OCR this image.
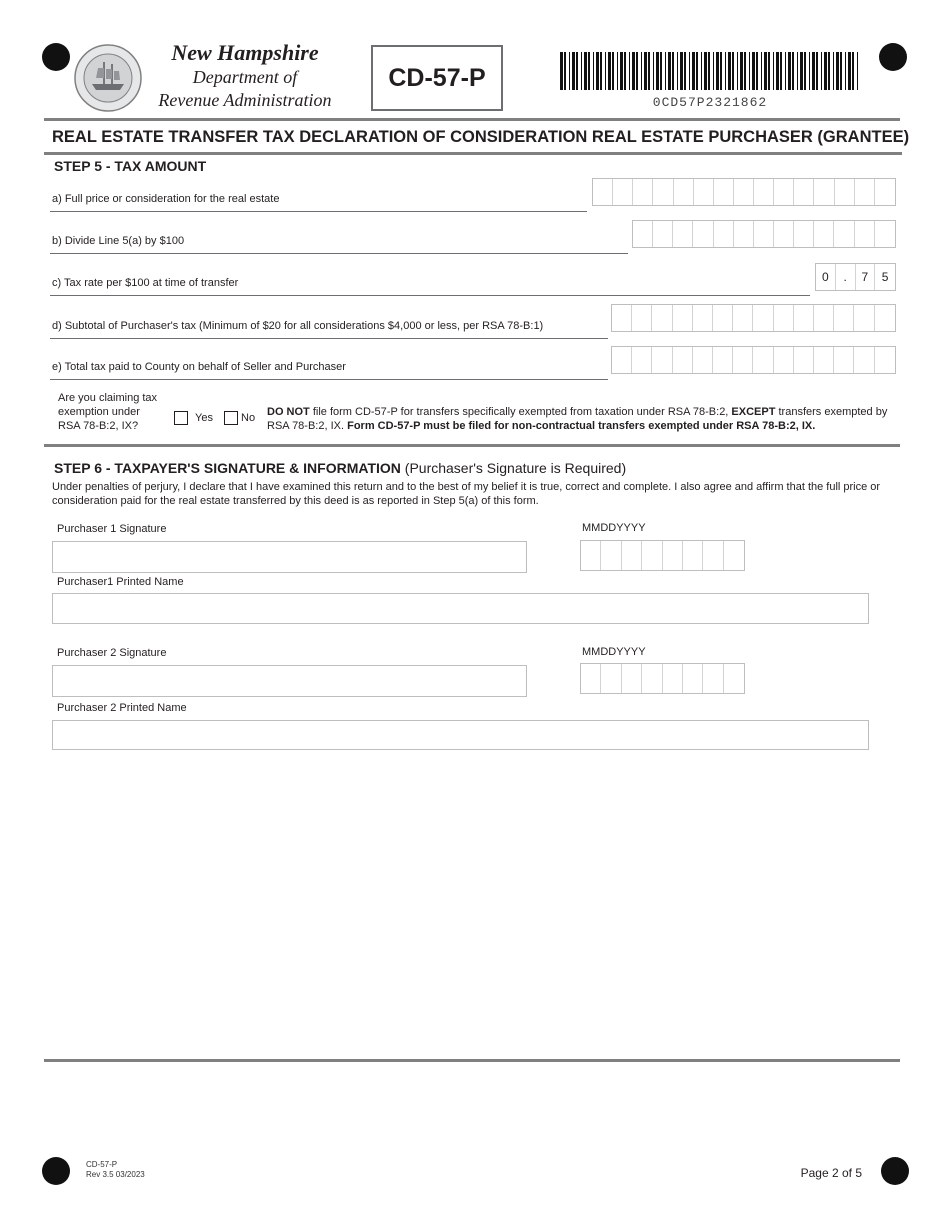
New Hampshire
Department of
Revenue Administration
CD-57-P
0CD57P2321862
REAL ESTATE TRANSFER TAX DECLARATION OF CONSIDERATION REAL ESTATE PURCHASER (GRANTEE)
STEP 5 - TAX AMOUNT
a) Full price or consideration for the real estate
b) Divide Line 5(a) by $100
c) Tax rate per $100 at time of transfer	0	.	7	5
d) Subtotal of Purchaser's tax (Minimum of $20 for all considerations $4,000 or less, per RSA 78-B:1)
e) Total tax paid to County on behalf of Seller and Purchaser
Are you claiming tax
exemption under
RSA 78-B:2, IX?
Yes	No DO NOT file form CD-57-P for transfers specifically exempted from taxation under RSA 78-B:2, EXCEPT transfers exempted by RSA 78-B:2, IX. Form CD-57-P must be filed for non-contractual transfers exempted under RSA 78-B:2, IX.
STEP 6 - TAXPAYER'S SIGNATURE & INFORMATION (Purchaser's Signature is Required)
Under penalties of perjury, I declare that I have examined this return and to the best of my belief it is true, correct and complete. I also agree and affirm that the full price or consideration paid for the real estate transferred by this deed is as reported in Step 5(a) of this form.
Purchaser 1 Signature	MMDDYYYY
Purchaser1 Printed Name
Purchaser 2 Signature	MMDDYYYY
Purchaser 2 Printed Name
CD-57-P
Rev 3.5 03/2023	Page 2 of 5
